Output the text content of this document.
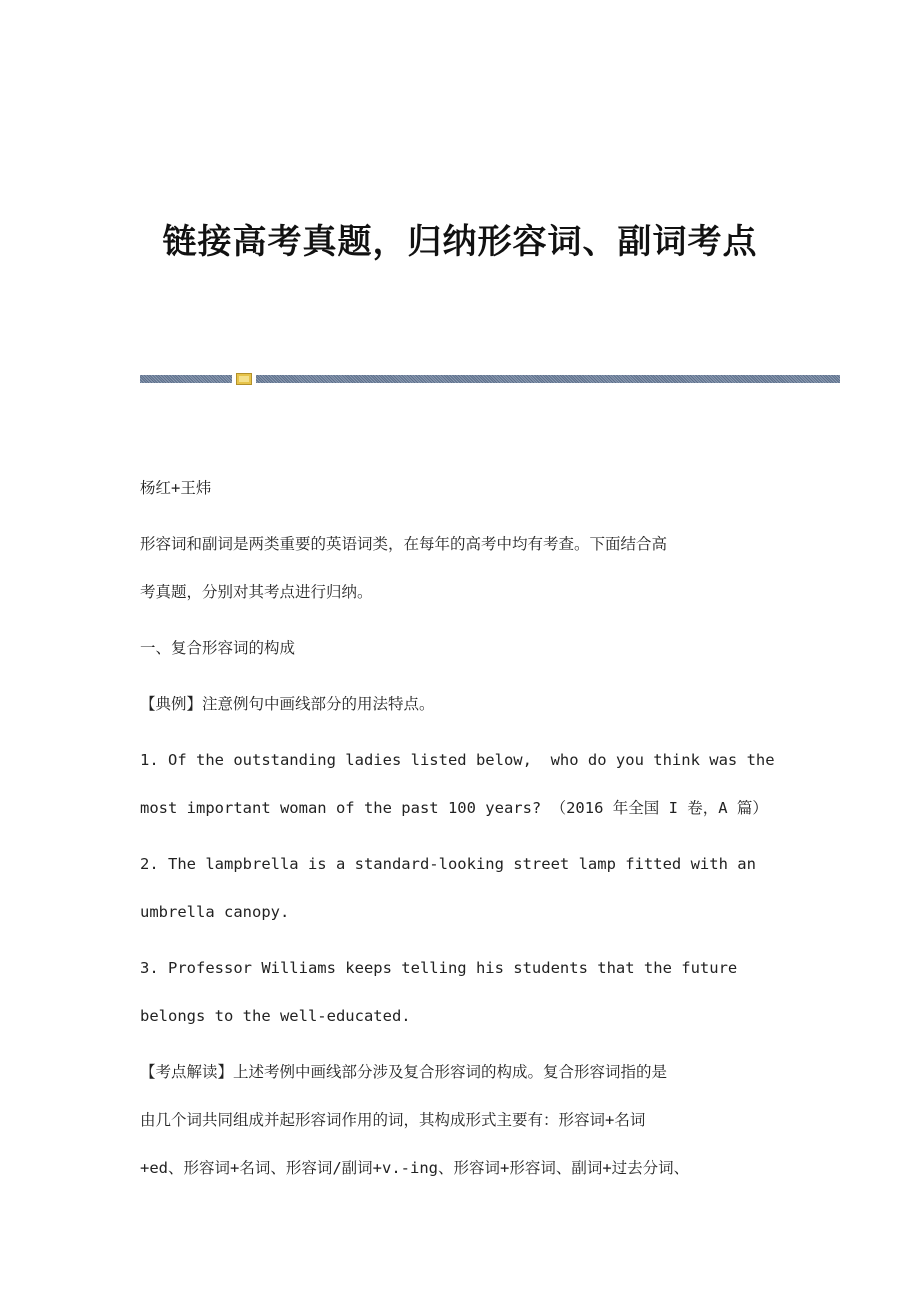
链接高考真题，归纳形容词、副词考点

杨红+王炜

形容词和副词是两类重要的英语词类，在每年的高考中均有考查。下面结合高

考真题，分别对其考点进行归纳。

一、复合形容词的构成

【典例】注意例句中画线部分的用法特点。

1. Of the outstanding ladies listed below,  who do you think was the

most important woman of the past 100 years? （2016 年全国 I 卷，A 篇）

2. The lampbrella is a standard-looking street lamp fitted with an

umbrella canopy.

3. Professor Williams keeps telling his students that the future

belongs to the well-educated.

【考点解读】上述考例中画线部分涉及复合形容词的构成。复合形容词指的是

由几个词共同组成并起形容词作用的词，其构成形式主要有：形容词+名词

+ed、形容词+名词、形容词/副词+v.-ing、形容词+形容词、副词+过去分词、
